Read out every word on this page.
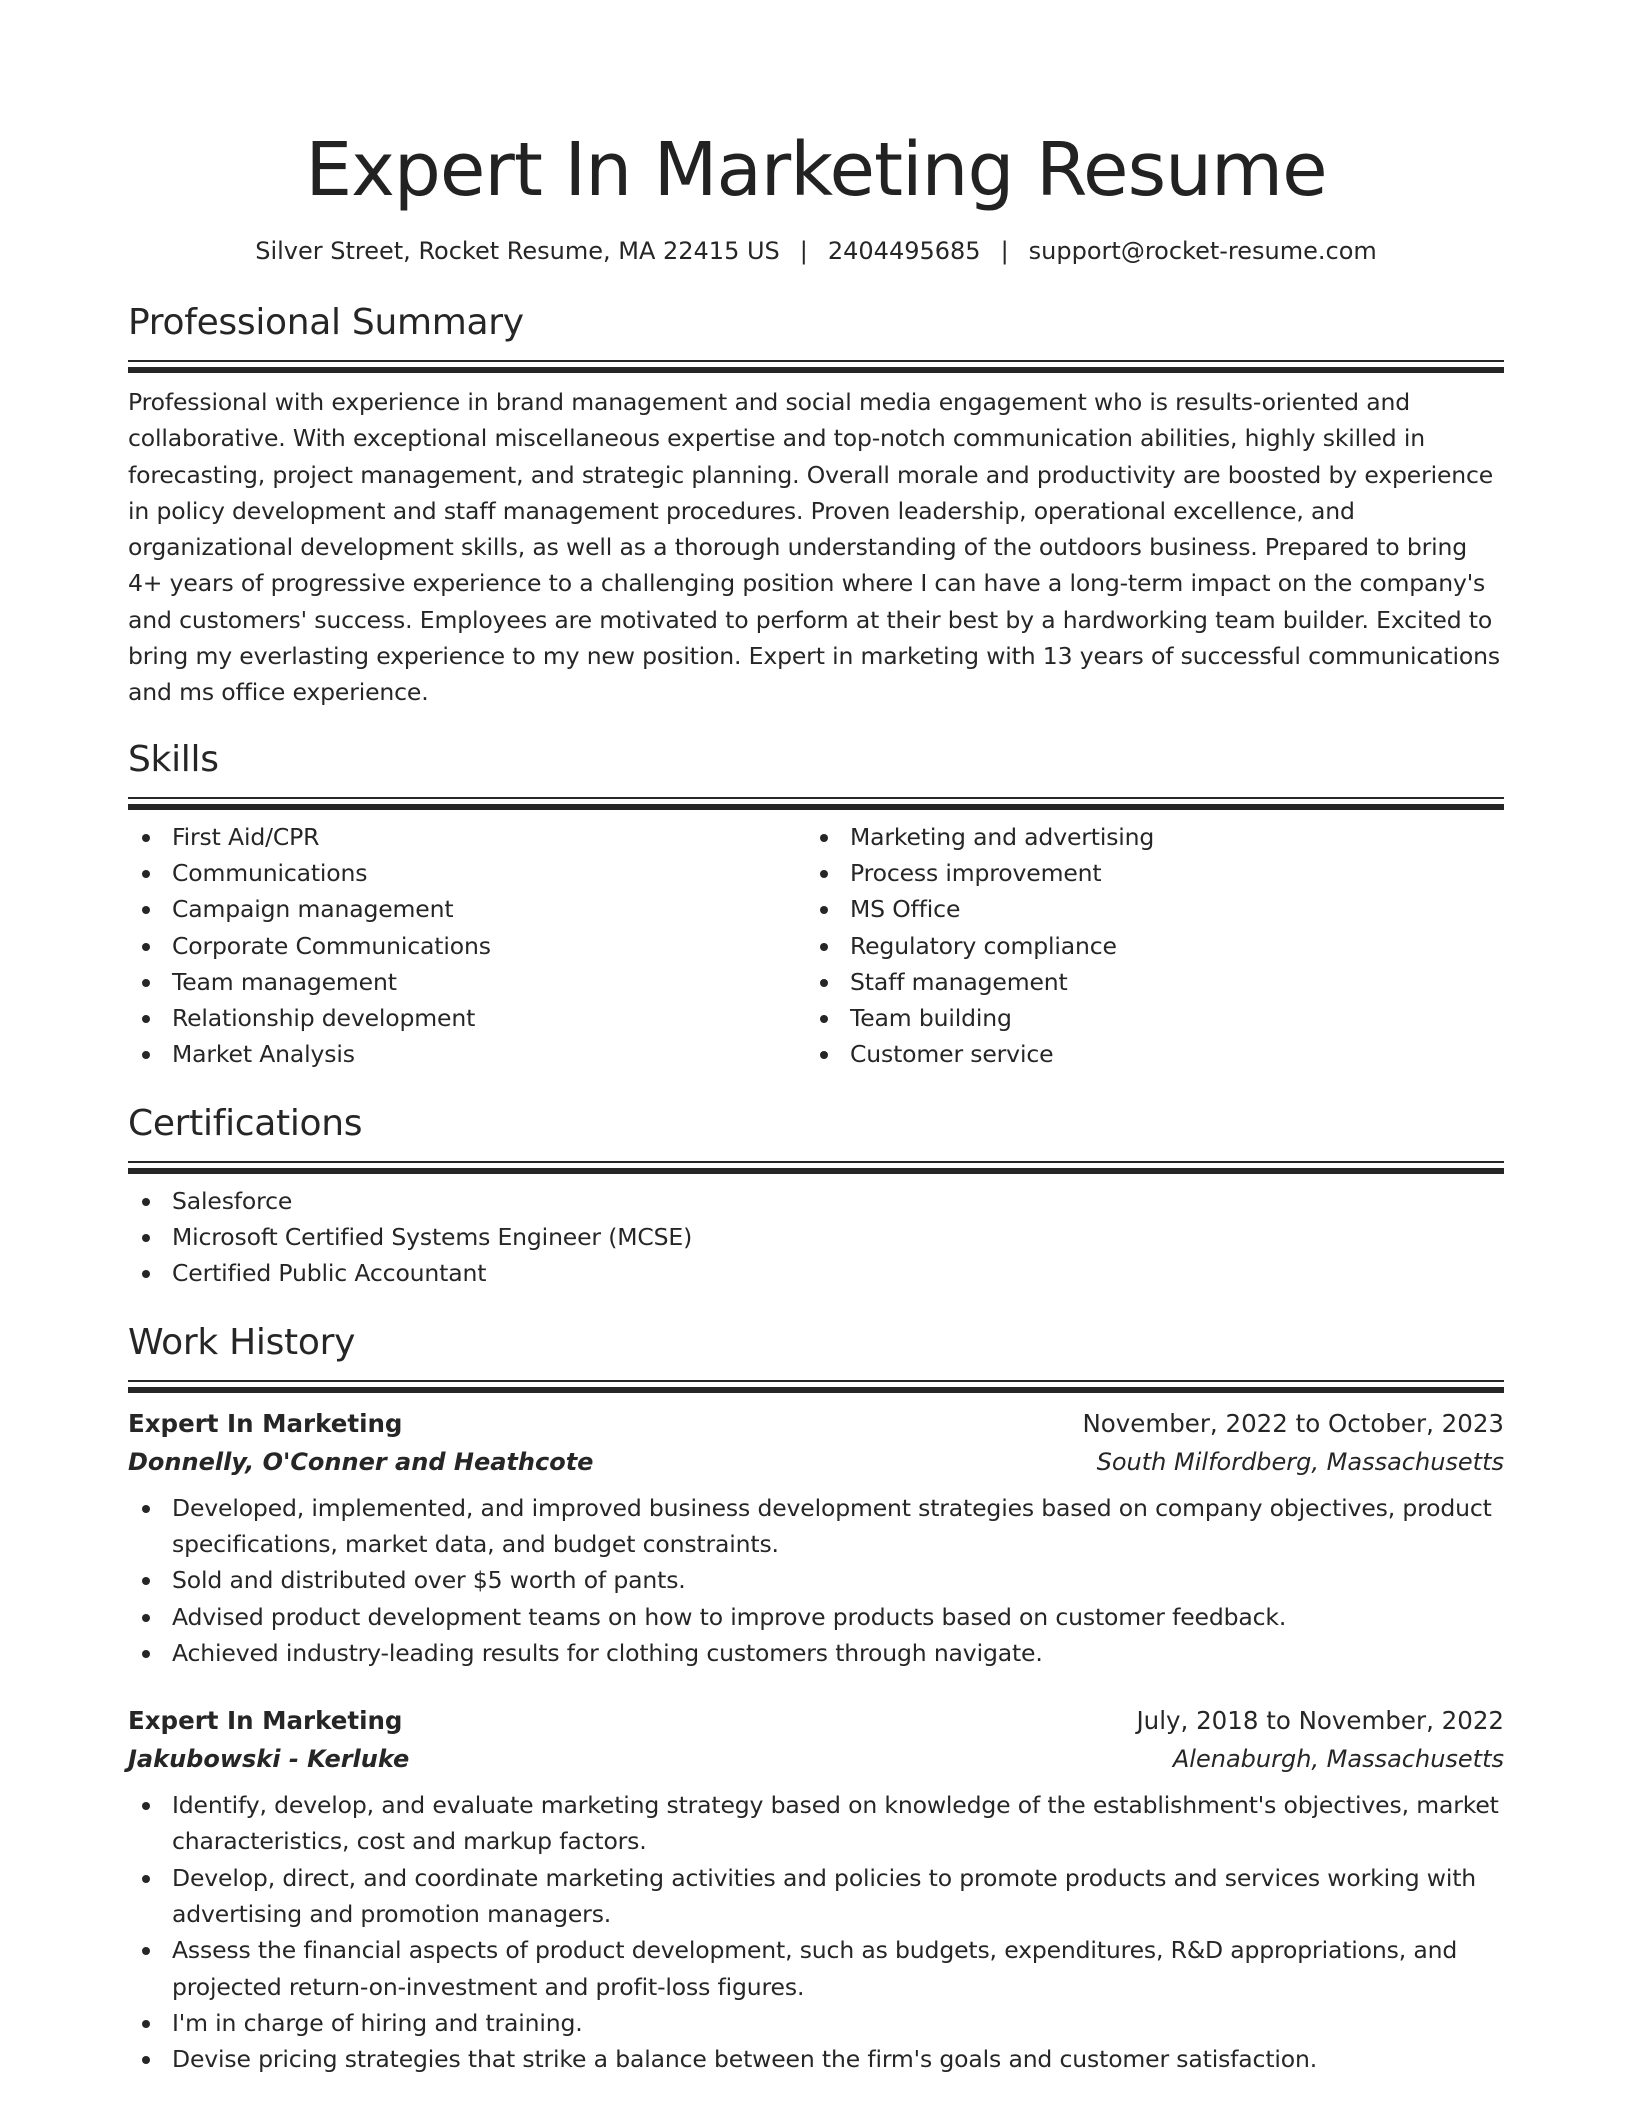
Expert In Marketing Resume
Silver Street, Rocket Resume, MA 22415 US | 2404495685 | support@rocket-resume.com
Professional Summary

Professional with experience in brand management and social media engagement who is results-oriented and collaborative. With exceptional miscellaneous expertise and top-notch communication abilities, highly skilled in forecasting, project management, and strategic planning. Overall morale and productivity are boosted by experience in policy development and staff management procedures. Proven leadership, operational excellence, and organizational development skills, as well as a thorough understanding of the outdoors business. Prepared to bring 4+ years of progressive experience to a challenging position where I can have a long-term impact on the company's and customers' success. Employees are motivated to perform at their best by a hardworking team builder. Excited to bring my everlasting experience to my new position. Expert in marketing with 13 years of successful communications and ms office experience.

Skills
First Aid/CPR
Communications
Campaign management
Corporate Communications
Team management
Relationship development
Market Analysis
Marketing and advertising
Process improvement
MS Office
Regulatory compliance
Staff management
Team building
Customer service
Certifications
Salesforce
Microsoft Certified Systems Engineer (MCSE)
Certified Public Accountant
Work History
Expert In Marketing	November, 2022 to October, 2023
Donnelly, O'Conner and Heathcote	South Milfordberg, Massachusetts
Developed, implemented, and improved business development strategies based on company objectives, product specifications, market data, and budget constraints.
Sold and distributed over $5 worth of pants.
Advised product development teams on how to improve products based on customer feedback.
Achieved industry-leading results for clothing customers through navigate.
Expert In Marketing	July, 2018 to November, 2022
Jakubowski - Kerluke	Alenaburgh, Massachusetts
Identify, develop, and evaluate marketing strategy based on knowledge of the establishment's objectives, market characteristics, cost and markup factors.
Develop, direct, and coordinate marketing activities and policies to promote products and services working with advertising and promotion managers.
Assess the financial aspects of product development, such as budgets, expenditures, R&D appropriations, and projected return-on-investment and profit-loss figures.
I'm in charge of hiring and training.
Devise pricing strategies that strike a balance between the firm's goals and customer satisfaction.
